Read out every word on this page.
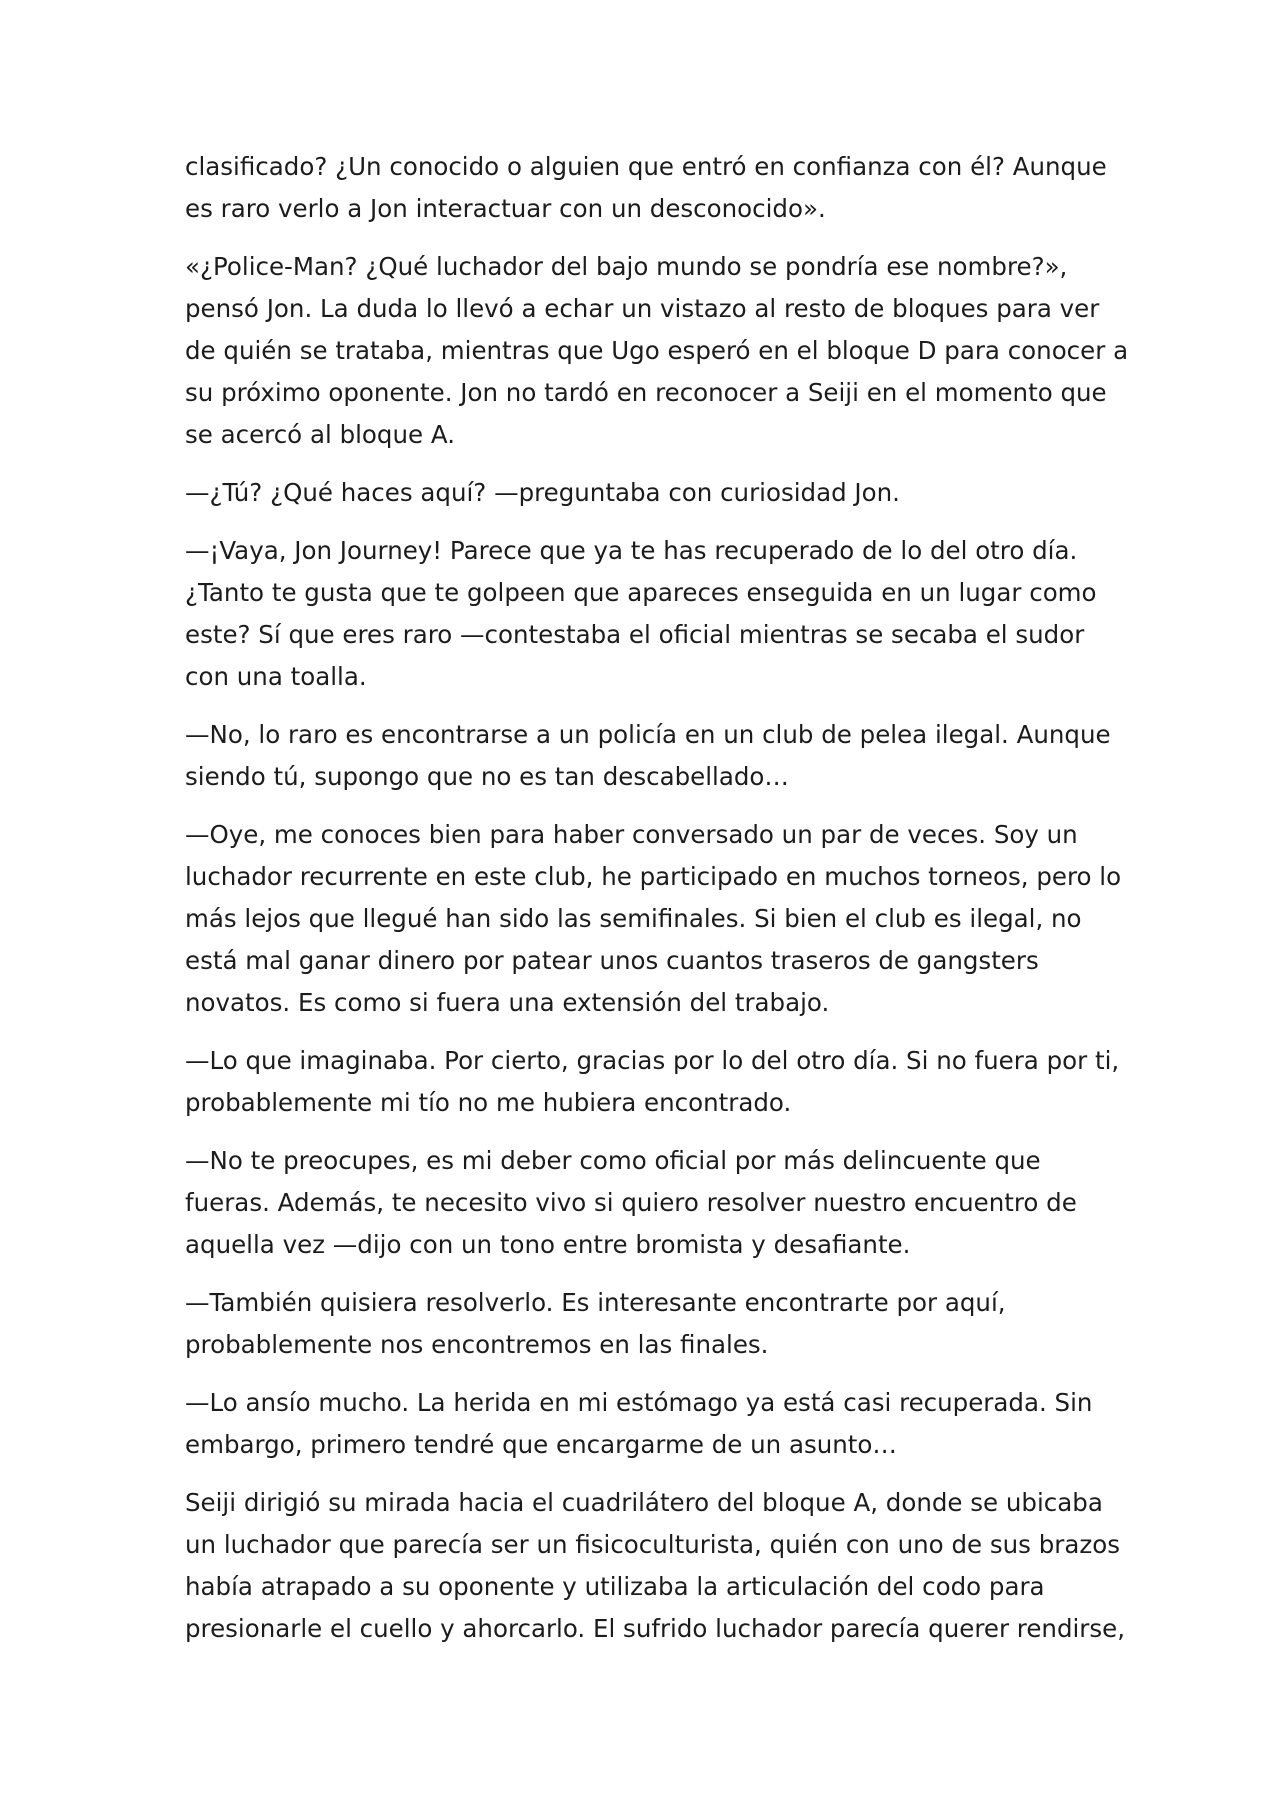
clasificado? ¿Un conocido o alguien que entró en confianza con él? Aunque
es raro verlo a Jon interactuar con un desconocido».

«¿Police-Man? ¿Qué luchador del bajo mundo se pondría ese nombre?»,
pensó Jon. La duda lo llevó a echar un vistazo al resto de bloques para ver
de quién se trataba, mientras que Ugo esperó en el bloque D para conocer a
su próximo oponente. Jon no tardó en reconocer a Seiji en el momento que
se acercó al bloque A.

—¿Tú? ¿Qué haces aquí? —preguntaba con curiosidad Jon.

—¡Vaya, Jon Journey! Parece que ya te has recuperado de lo del otro día.
¿Tanto te gusta que te golpeen que apareces enseguida en un lugar como
este? Sí que eres raro —contestaba el oficial mientras se secaba el sudor
con una toalla.

—No, lo raro es encontrarse a un policía en un club de pelea ilegal. Aunque
siendo tú, supongo que no es tan descabellado…

—Oye, me conoces bien para haber conversado un par de veces. Soy un
luchador recurrente en este club, he participado en muchos torneos, pero lo
más lejos que llegué han sido las semifinales. Si bien el club es ilegal, no
está mal ganar dinero por patear unos cuantos traseros de gangsters
novatos. Es como si fuera una extensión del trabajo.

—Lo que imaginaba. Por cierto, gracias por lo del otro día. Si no fuera por ti,
probablemente mi tío no me hubiera encontrado.

—No te preocupes, es mi deber como oficial por más delincuente que
fueras. Además, te necesito vivo si quiero resolver nuestro encuentro de
aquella vez —dijo con un tono entre bromista y desafiante.

—También quisiera resolverlo. Es interesante encontrarte por aquí,
probablemente nos encontremos en las finales.

—Lo ansío mucho. La herida en mi estómago ya está casi recuperada. Sin
embargo, primero tendré que encargarme de un asunto…

Seiji dirigió su mirada hacia el cuadrilátero del bloque A, donde se ubicaba
un luchador que parecía ser un fisicoculturista, quién con uno de sus brazos
había atrapado a su oponente y utilizaba la articulación del codo para
presionarle el cuello y ahorcarlo. El sufrido luchador parecía querer rendirse,
